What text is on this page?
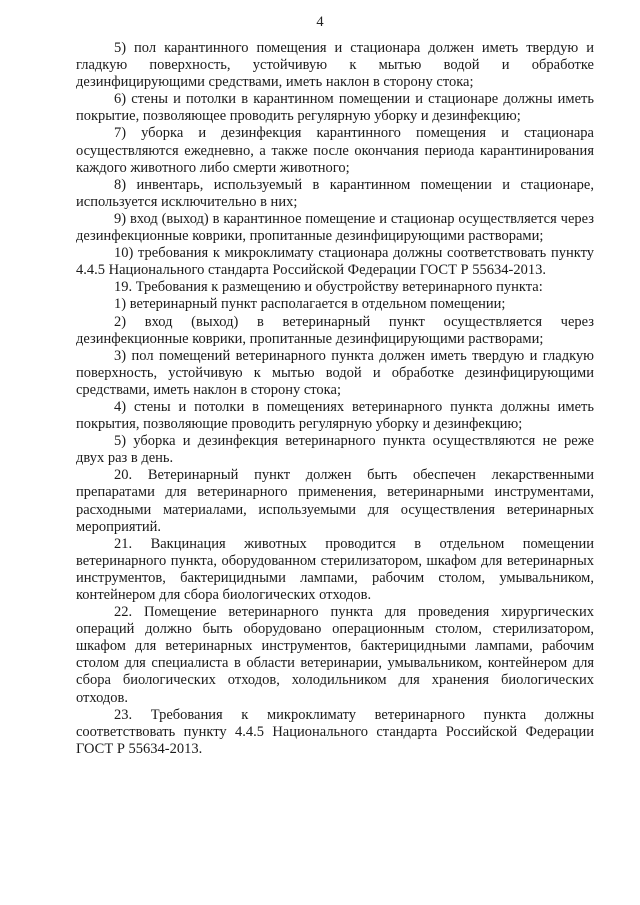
4

5) пол карантинного помещения и стационара должен иметь твердую и гладкую поверхность, устойчивую к мытью водой и обработке дезинфицирующими средствами, иметь наклон в сторону стока;

6) стены и потолки в карантинном помещении и стационаре должны иметь покрытие, позволяющее проводить регулярную уборку и дезинфекцию;

7) уборка и дезинфекция карантинного помещения и стационара осуществляются ежедневно, а также после окончания периода карантинирования каждого животного либо смерти животного;

8) инвентарь, используемый в карантинном помещении и стационаре, используется исключительно в них;

9) вход (выход) в карантинное помещение и стационар осуществляется через дезинфекционные коврики, пропитанные дезинфицирующими растворами;

10) требования к микроклимату стационара должны соответствовать пункту 4.4.5 Национального стандарта Российской Федерации ГОСТ Р 55634-2013.

19. Требования к размещению и обустройству ветеринарного пункта:

1) ветеринарный пункт располагается в отдельном помещении;

2) вход (выход) в ветеринарный пункт осуществляется через дезинфекционные коврики, пропитанные дезинфицирующими растворами;

3) пол помещений ветеринарного пункта должен иметь твердую и гладкую поверхность, устойчивую к мытью водой и обработке дезинфицирующими средствами, иметь наклон в сторону стока;

4) стены и потолки в помещениях ветеринарного пункта должны иметь покрытия, позволяющие проводить регулярную уборку и дезинфекцию;

5) уборка и дезинфекция ветеринарного пункта осуществляются не реже двух раз в день.

20. Ветеринарный пункт должен быть обеспечен лекарственными препаратами для ветеринарного применения, ветеринарными инструментами, расходными материалами, используемыми для осуществления ветеринарных мероприятий.

21. Вакцинация животных проводится в отдельном помещении ветеринарного пункта, оборудованном стерилизатором, шкафом для ветеринарных инструментов, бактерицидными лампами, рабочим столом, умывальником, контейнером для сбора биологических отходов.

22. Помещение ветеринарного пункта для проведения хирургических операций должно быть оборудовано операционным столом, стерилизатором, шкафом для ветеринарных инструментов, бактерицидными лампами, рабочим столом для специалиста в области ветеринарии, умывальником, контейнером для сбора биологических отходов, холодильником для хранения биологических отходов.

23. Требования к микроклимату ветеринарного пункта должны соответствовать пункту 4.4.5 Национального стандарта Российской Федерации ГОСТ Р 55634-2013.
